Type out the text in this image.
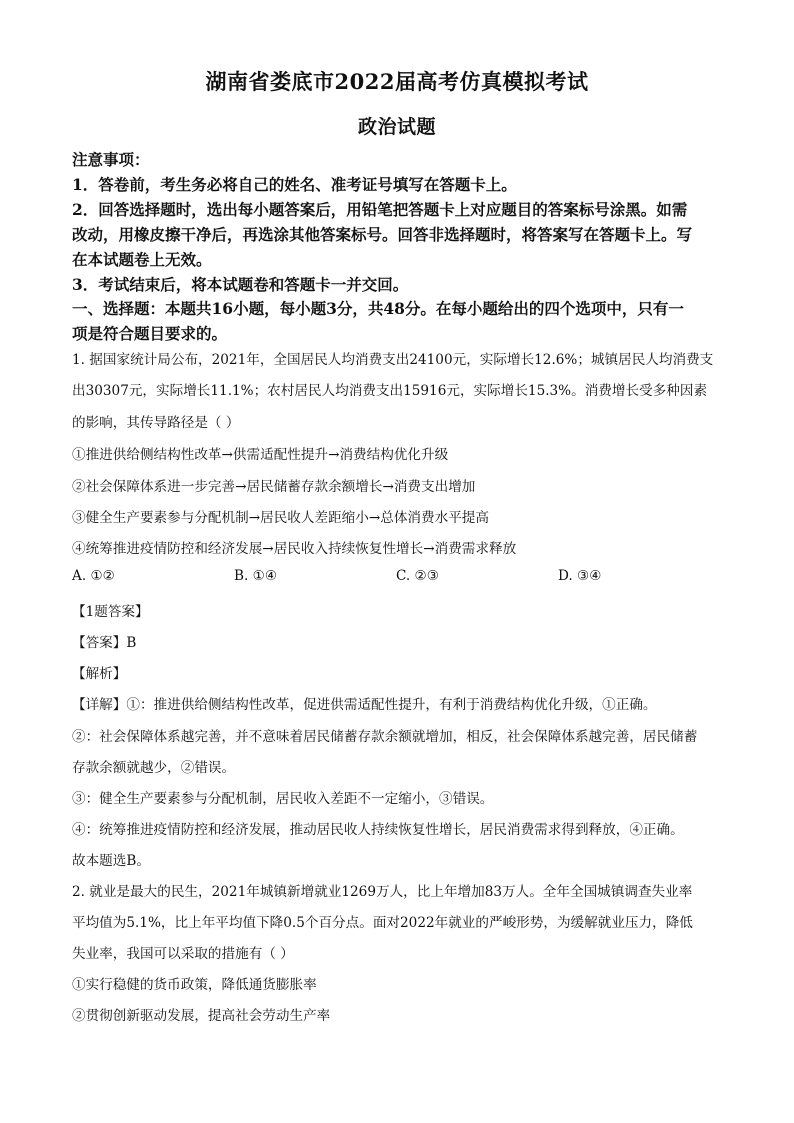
湖南省娄底市2022届高考仿真模拟考试
政治试题
注意事项：
1．答卷前，考生务必将自己的姓名、准考证号填写在答题卡上。
2．回答选择题时，选出每小题答案后，用铅笔把答题卡上对应题目的答案标号涂黑。如需
改动，用橡皮擦干净后，再选涂其他答案标号。回答非选择题时，将答案写在答题卡上。写
在本试题卷上无效。
3．考试结束后，将本试题卷和答题卡一并交回。
一、选择题：本题共16小题，每小题3分，共48分。在每小题给出的四个选项中，只有一
项是符合题目要求的。
1. 据国家统计局公布，2021年，全国居民人均消费支出24100元，实际增长12.6%；城镇居民人均消费支
出30307元，实际增长11.1%；农村居民人均消费支出15916元，实际增长15.3%。消费增长受多种因素
的影响，其传导路径是（ ）
①推进供给侧结构性改革→供需适配性提升→消费结构优化升级
②社会保障体系进一步完善→居民储蓄存款余额增长→消费支出增加
③健全生产要素参与分配机制→居民收人差距缩小→总体消费水平提高
④统筹推进疫情防控和经济发展→居民收入持续恢复性增长→消费需求释放
A. ①②	B. ①④	C. ②③	D. ③④
【1题答案】
【答案】B
【解析】
【详解】①：推进供给侧结构性改革，促进供需适配性提升，有利于消费结构优化升级，①正确。
②：社会保障体系越完善，并不意味着居民储蓄存款余额就增加，相反，社会保障体系越完善，居民储蓄
存款余额就越少，②错误。
③：健全生产要素参与分配机制，居民收入差距不一定缩小，③错误。
④：统筹推进疫情防控和经济发展，推动居民收人持续恢复性增长，居民消费需求得到释放，④正确。
故本题选B。
2. 就业是最大的民生，2021年城镇新增就业1269万人，比上年增加83万人。全年全国城镇调查失业率
平均值为5.1%，比上年平均值下降0.5个百分点。面对2022年就业的严峻形势，为缓解就业压力，降低
失业率，我国可以采取的措施有（ ）
①实行稳健的货币政策，降低通货膨胀率
②贯彻创新驱动发展，提高社会劳动生产率
